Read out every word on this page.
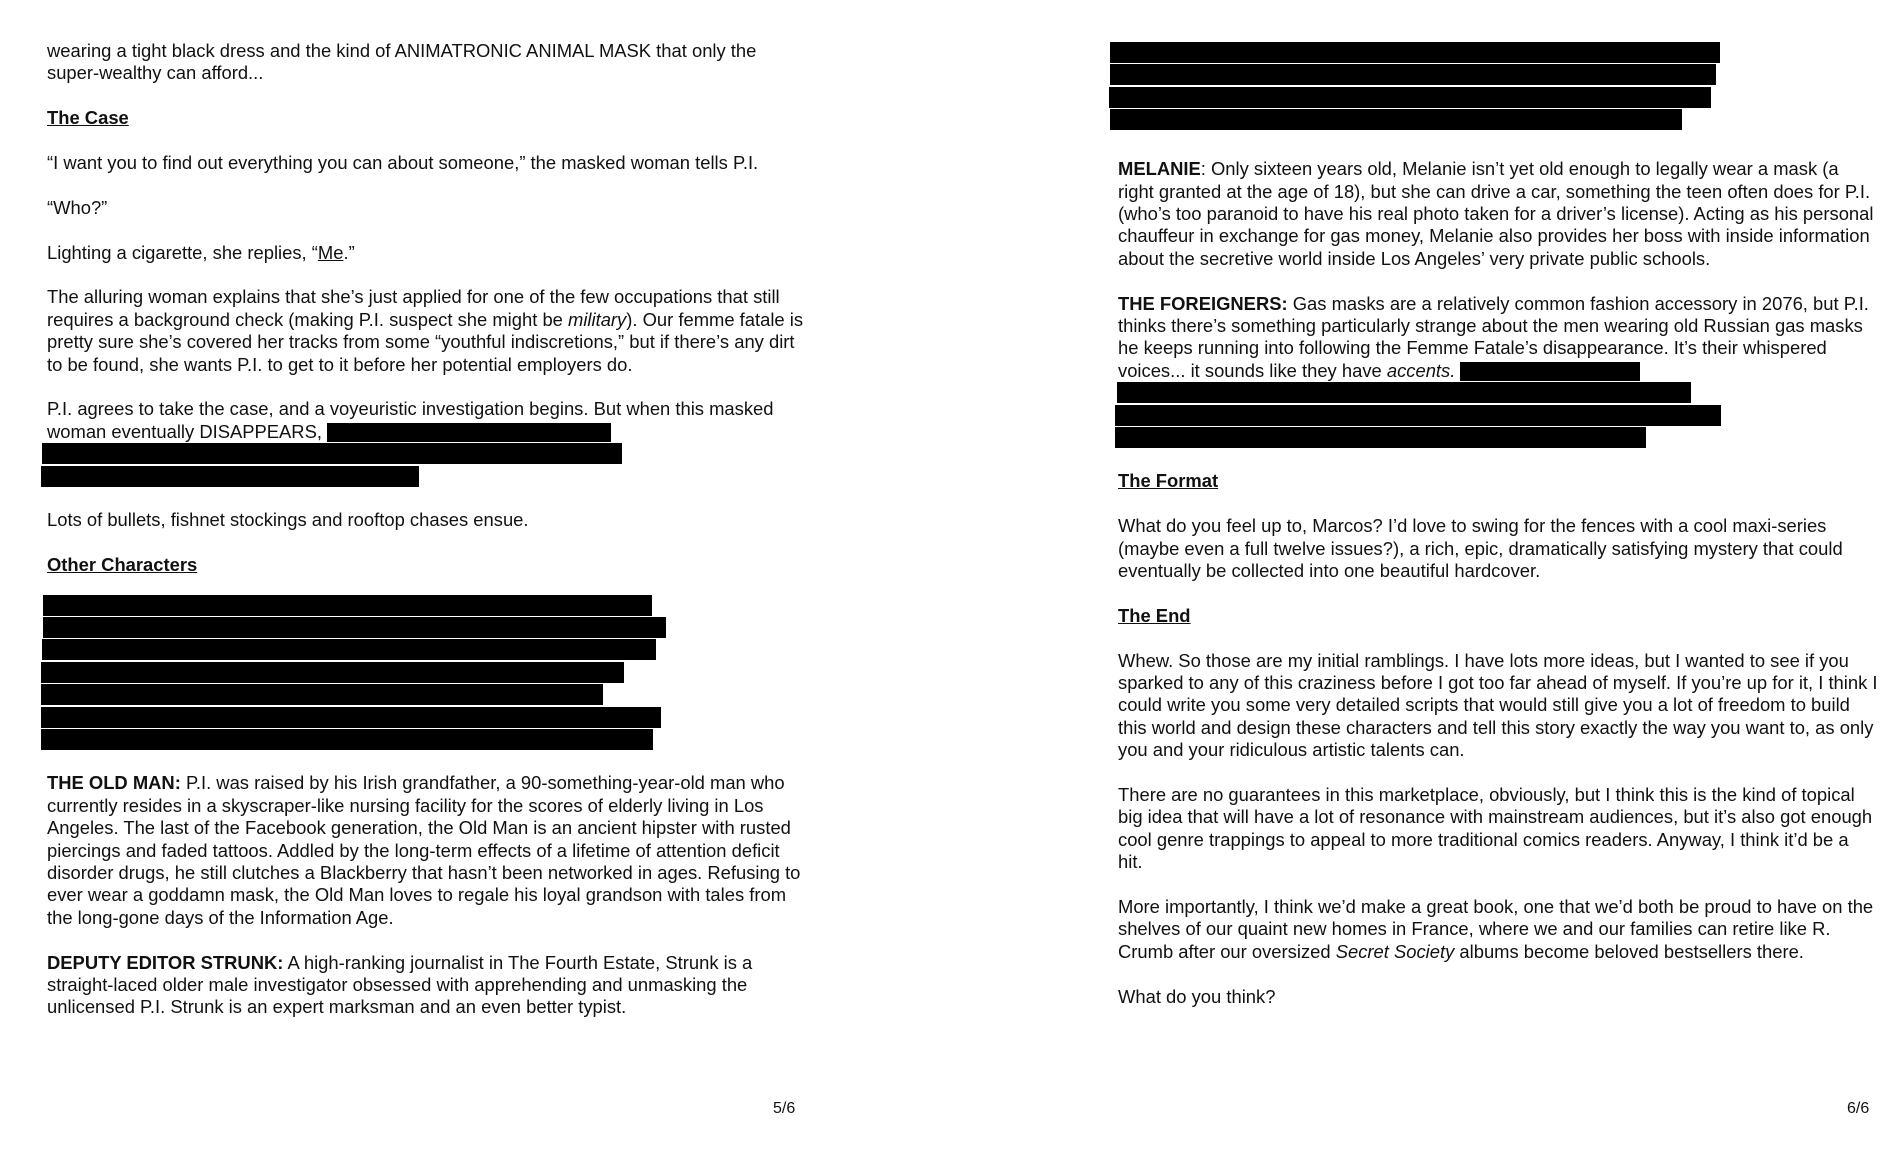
wearing a tight black dress and the kind of ANIMATRONIC ANIMAL MASK that only the super-wealthy can afford...

The Case

“I want you to find out everything you can about someone,” the masked woman tells P.I.

“Who?”

Lighting a cigarette, she replies, “Me.”

The alluring woman explains that she’s just applied for one of the few occupations that still requires a background check (making P.I. suspect she might be military). Our femme fatale is pretty sure she’s covered her tracks from some “youthful indiscretions,” but if there’s any dirt to be found, she wants P.I. to get to it before her potential employers do.

P.I. agrees to take the case, and a voyeuristic investigation begins. But when this masked woman eventually DISAPPEARS,

Lots of bullets, fishnet stockings and rooftop chases ensue.

Other Characters

THE OLD MAN: P.I. was raised by his Irish grandfather, a 90-something-year-old man who currently resides in a skyscraper-like nursing facility for the scores of elderly living in Los Angeles. The last of the Facebook generation, the Old Man is an ancient hipster with rusted piercings and faded tattoos. Addled by the long-term effects of a lifetime of attention deficit disorder drugs, he still clutches a Blackberry that hasn’t been networked in ages. Refusing to ever wear a goddamn mask, the Old Man loves to regale his loyal grandson with tales from the long-gone days of the Information Age.

DEPUTY EDITOR STRUNK: A high-ranking journalist in The Fourth Estate, Strunk is a straight-laced older male investigator obsessed with apprehending and unmasking the unlicensed P.I. Strunk is an expert marksman and an even better typist.

5/6

MELANIE: Only sixteen years old, Melanie isn’t yet old enough to legally wear a mask (a right granted at the age of 18), but she can drive a car, something the teen often does for P.I. (who’s too paranoid to have his real photo taken for a driver’s license). Acting as his personal chauffeur in exchange for gas money, Melanie also provides her boss with inside information about the secretive world inside Los Angeles’ very private public schools.

THE FOREIGNERS: Gas masks are a relatively common fashion accessory in 2076, but P.I. thinks there’s something particularly strange about the men wearing old Russian gas masks he keeps running into following the Femme Fatale’s disappearance. It’s their whispered voices... it sounds like they have accents.

The Format

What do you feel up to, Marcos? I’d love to swing for the fences with a cool maxi-series (maybe even a full twelve issues?), a rich, epic, dramatically satisfying mystery that could eventually be collected into one beautiful hardcover.

The End

Whew. So those are my initial ramblings. I have lots more ideas, but I wanted to see if you sparked to any of this craziness before I got too far ahead of myself. If you’re up for it, I think I could write you some very detailed scripts that would still give you a lot of freedom to build this world and design these characters and tell this story exactly the way you want to, as only you and your ridiculous artistic talents can.

There are no guarantees in this marketplace, obviously, but I think this is the kind of topical big idea that will have a lot of resonance with mainstream audiences, but it’s also got enough cool genre trappings to appeal to more traditional comics readers. Anyway, I think it’d be a hit.

More importantly, I think we’d make a great book, one that we’d both be proud to have on the shelves of our quaint new homes in France, where we and our families can retire like R. Crumb after our oversized Secret Society albums become beloved bestsellers there.

What do you think?

6/6
